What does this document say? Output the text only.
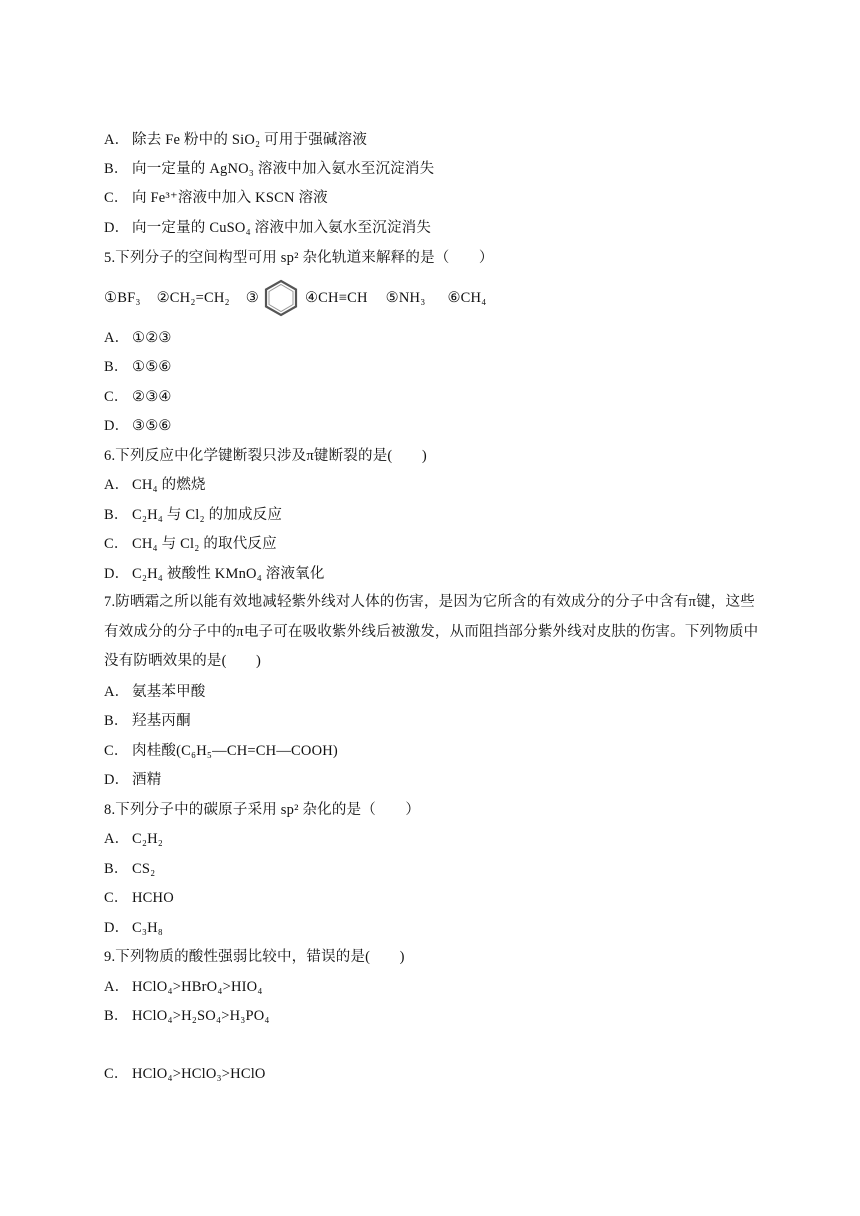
A． 除去 Fe 粉中的 SiO₂ 可用于强碱溶液
B． 向一定量的 AgNO₃ 溶液中加入氨水至沉淀消失
C． 向 Fe³⁺溶液中加入 KSCN 溶液
D． 向一定量的 CuSO₄ 溶液中加入氨水至沉淀消失
5.下列分子的空间构型可用 sp² 杂化轨道来解释的是（　　）
①BF₃ ②CH₂=CH₂ ③	④CH≡CH ⑤NH₃ ⑥CH₄
A． ①②③
B． ①⑤⑥
C． ②③④
D． ③⑤⑥
6.下列反应中化学键断裂只涉及π键断裂的是(　　)
A． CH₄ 的燃烧
B． C₂H₄ 与 Cl₂ 的加成反应
C． CH₄ 与 Cl₂ 的取代反应
D． C₂H₄ 被酸性 KMnO₄ 溶液氧化
7.防晒霜之所以能有效地减轻紫外线对人体的伤害，是因为它所含的有效成分的分子中含有π键，这些有效成分的分子中的π电子可在吸收紫外线后被激发，从而阻挡部分紫外线对皮肤的伤害。下列物质中没有防晒效果的是(　　)
A． 氨基苯甲酸
B． 羟基丙酮
C． 肉桂酸(C₆H₅—CH=CH—COOH)
D． 酒精
8.下列分子中的碳原子采用 sp² 杂化的是（　　）
A． C₂H₂
B． CS₂
C． HCHO
D． C₃H₈
9.下列物质的酸性强弱比较中，错误的是(　　)
A． HClO₄>HBrO₄>HIO₄
B． HClO₄>H₂SO₄>H₃PO₄
C． HClO₄>HClO₃>HClO
